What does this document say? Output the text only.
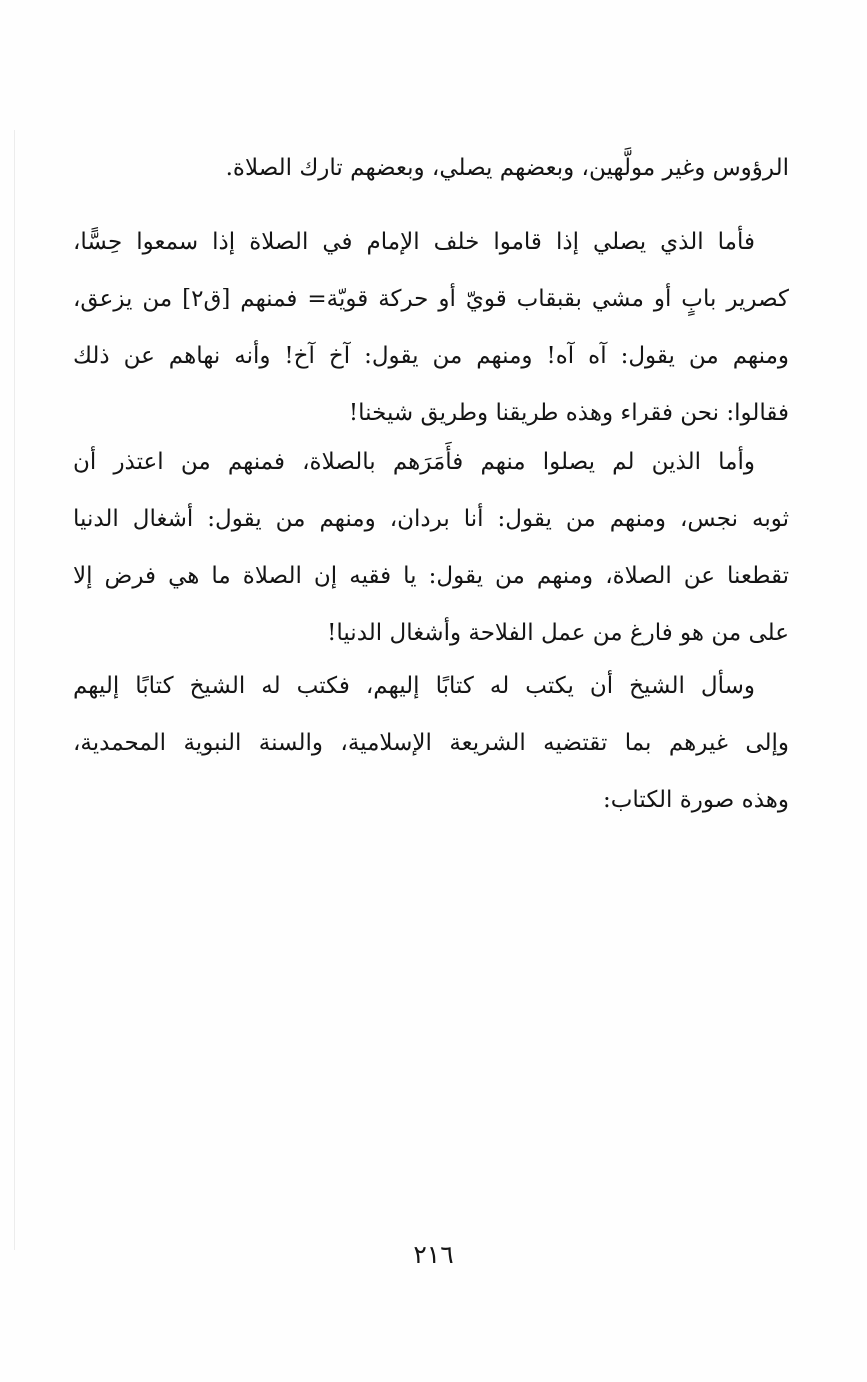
الرؤوس وغير مولَّهين، وبعضهم يصلي، وبعضهم تارك الصلاة.
فأما الذي يصلي إذا قاموا خلف الإمام في الصلاة إذا سمعوا حِسًّا،
كصرير بابٍ أو مشي بقبقاب قويّ أو حركة قويّة= فمنهم [ق٢] من يزعق،
ومنهم من يقول: آه آه! ومنهم من يقول: آخ آخ! وأنه نهاهم عن ذلك
فقالوا: نحن فقراء وهذه طريقنا وطريق شيخنا!
وأما الذين لم يصلوا منهم فأَمَرَهم بالصلاة، فمنهم من اعتذر أن
ثوبه نجس، ومنهم من يقول: أنا بردان، ومنهم من يقول: أشغال الدنيا
تقطعنا عن الصلاة، ومنهم من يقول: يا فقيه إن الصلاة ما هي فرض إلا
على من هو فارغ من عمل الفلاحة وأشغال الدنيا!
وسأل الشيخ أن يكتب له كتابًا إليهم، فكتب له الشيخ كتابًا إليهم
وإلى غيرهم بما تقتضيه الشريعة الإسلامية، والسنة النبوية المحمدية،
وهذه صورة الكتاب:
٢١٦
